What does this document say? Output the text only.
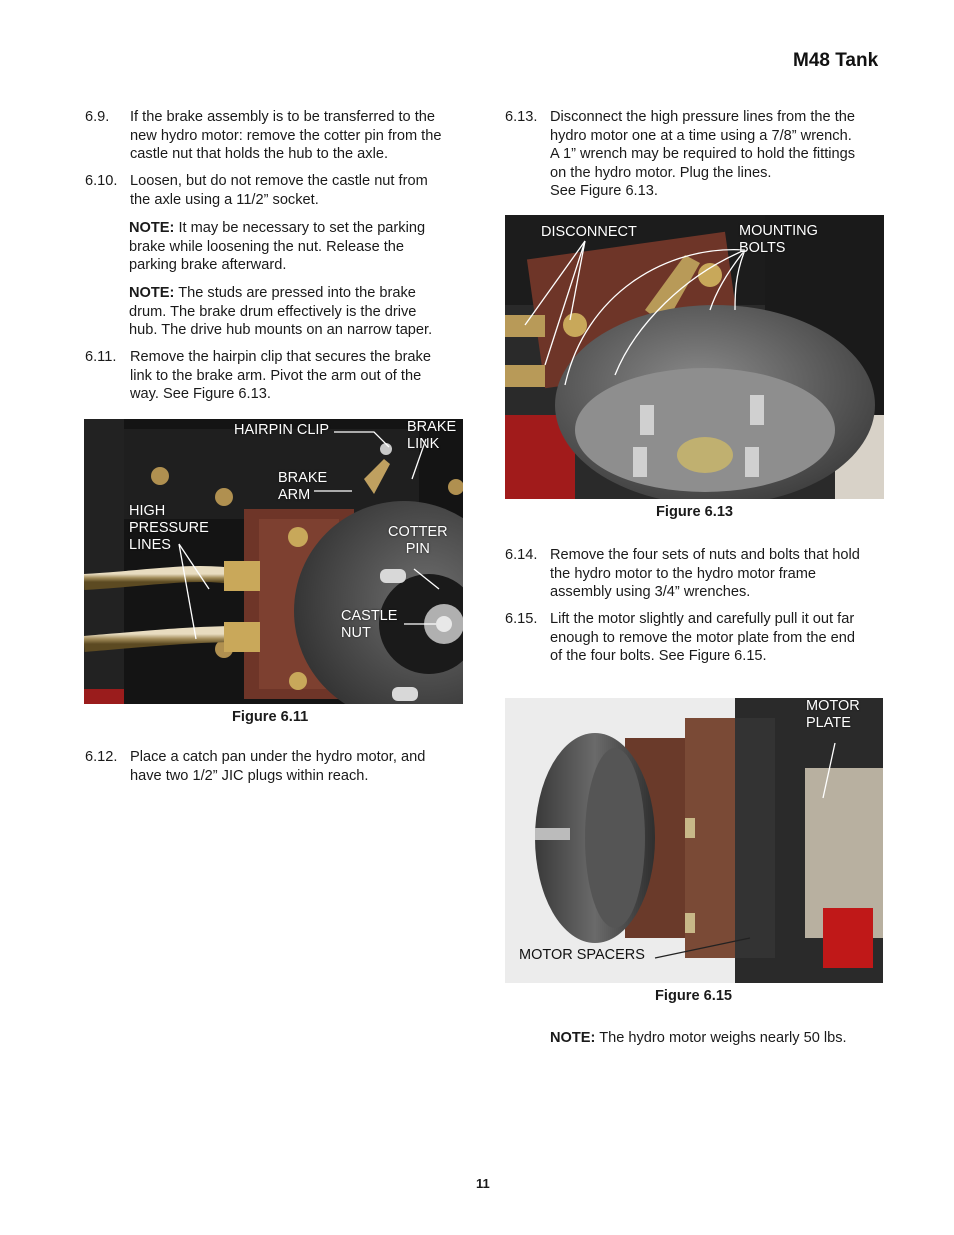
M48 Tank
6.9. If the brake assembly is to be transferred to the
new hydro motor: remove the cotter pin from the
castle nut that holds the hub to the axle.
6.10. Loosen, but do not remove the castle nut from
the axle using a 11/2” socket.
NOTE: It may be necessary to set the parking
brake while loosening the nut. Release the
parking brake afterward.
NOTE: The studs are pressed into the brake
drum. The brake drum effectively is the drive
hub. The drive hub mounts on an narrow taper.
6.11. Remove the hairpin clip that secures the brake
link to the brake arm. Pivot the arm out of the
way. See Figure 6.13.
HAIRPIN CLIP	BRAKE
LINK
BRAKE
ARM
HIGH
PRESSURE
LINES
COTTER
PIN
CASTLE
NUT
Figure 6.11
6.12. Place a catch pan under the hydro motor, and
have two 1/2” JIC plugs within reach.
6.13. Disconnect the high pressure lines from the the
hydro motor one at a time using a 7/8” wrench.
A 1” wrench may be required to hold the fittings
on the hydro motor. Plug the lines.
See Figure 6.13.
DISCONNECT	MOUNTING
BOLTS
Figure 6.13
6.14. Remove the four sets of nuts and bolts that hold
the hydro motor to the hydro motor frame
assembly using 3/4” wrenches.
6.15. Lift the motor slightly and carefully pull it out far
enough to remove the motor plate from the end
of the four bolts. See Figure 6.15.
MOTOR
PLATE
MOTOR SPACERS
Figure 6.15
NOTE: The hydro motor weighs nearly 50 lbs.
11
